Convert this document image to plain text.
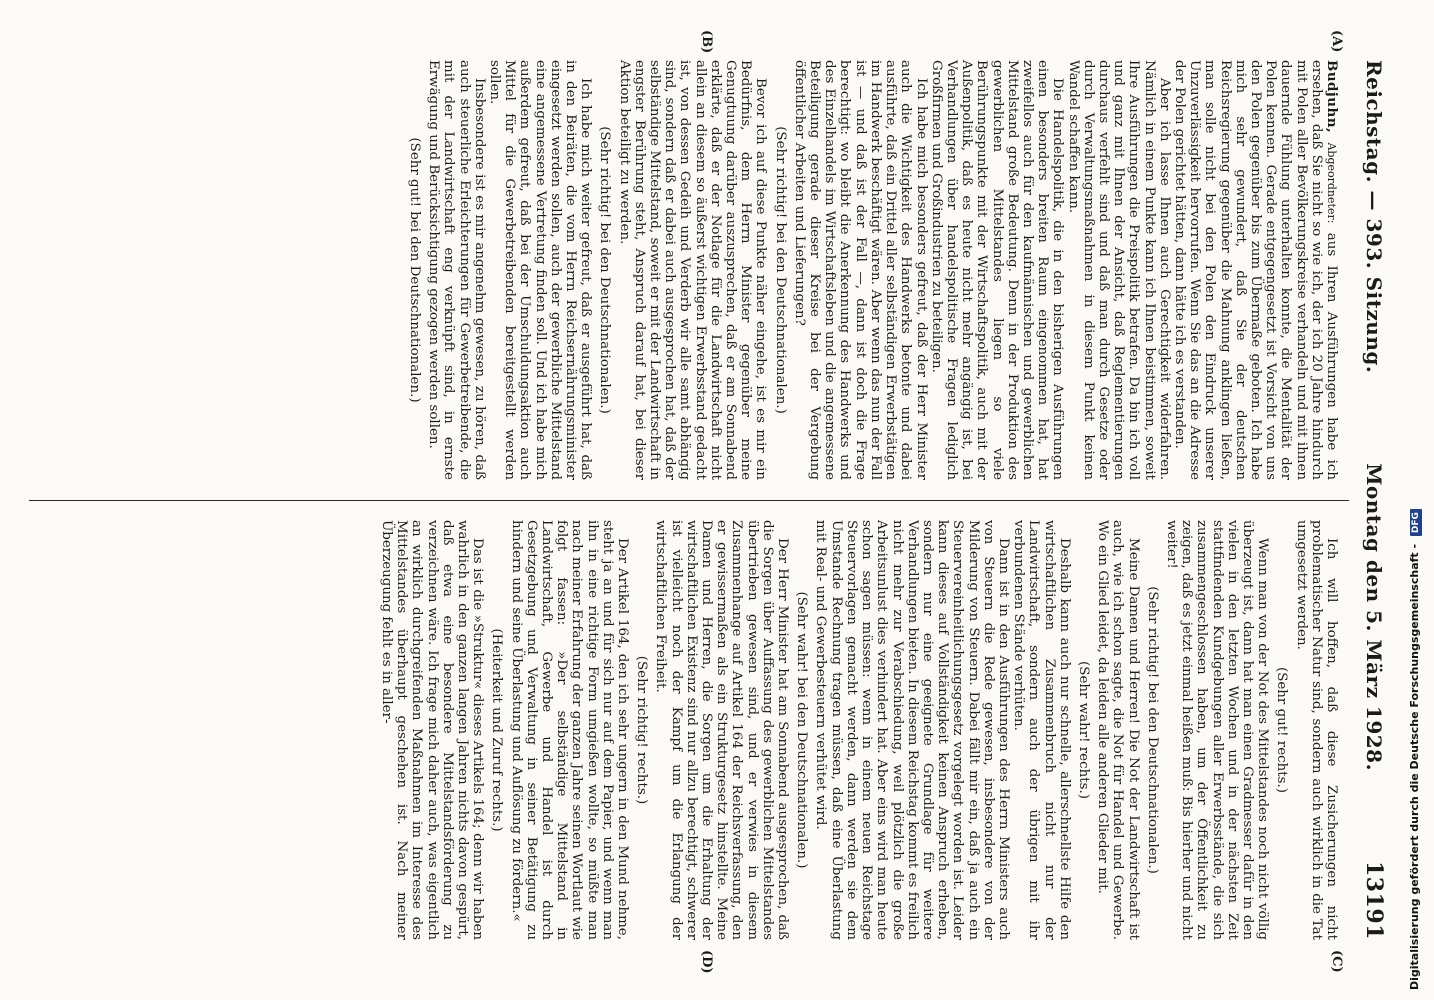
Reichstag. — 393. Sitzung.
Montag den 5. März 1928.
13191
(A)
(B)
(C)
(D)

Budjuhn, Abgeordneter: aus Ihren Ausführungen habe ich ersehen, daß Sie nicht so wie ich, der ich 20 Jahre hindurch mit Polen aller Bevölkerungskreise verhandeln und mit ihnen dauernde Fühlung unterhalten konnte, die Mentalität der Polen kennen. Gerade entgegengesetzt ist Vorsicht von uns den Polen gegenüber bis zum Übermaße geboten. Ich habe mich sehr gewundert, daß Sie der deutschen Reichsregierung gegenüber die Mahnung anklingen ließen, man solle nicht bei den Polen den Eindruck unserer Unzuverlässigkeit hervorrufen. Wenn Sie das an die Adresse der Polen gerichtet hätten, dann hätte ich es verstanden.

Aber ich lasse Ihnen auch Gerechtigkeit widerfahren. Nämlich in einem Punkte kann ich Ihnen beistimmen, soweit Ihre Ausführungen die Preispolitik betrafen. Da bin ich voll und ganz mit Ihnen der Ansicht, daß Reglementierungen durchaus verfehlt sind und daß man durch Gesetze oder durch Verwaltungsmaßnahmen in diesem Punkt keinen Wandel schaffen kann.

Die Handelspolitik, die in den bisherigen Ausführungen einen besonders breiten Raum eingenommen hat, hat zweifellos auch für den kaufmännischen und gewerblichen Mittelstand große Bedeutung. Denn in der Produktion des gewerblichen Mittelstandes liegen so viele Berührungspunkte mit der Wirtschaftspolitik, auch mit der Außenpolitik, daß es heute nicht mehr angängig ist, bei Verhandlungen über handelspolitische Fragen lediglich Großfirmen und Großindustrien zu beteiligen.

Ich habe mich besonders gefreut, daß der Herr Minister auch die Wichtigkeit des Handwerks betonte und dabei ausführte, daß ein Drittel aller selbständigen Erwerbstätigen im Handwerk beschäftigt wären. Aber wenn das nun der Fall ist — und daß ist der Fall —, dann ist doch die Frage berechtigt: wo bleibt die Anerkennung des Handwerks und des Einzelhandels im Wirtschaftsleben und die angemessene Beteiligung gerade dieser Kreise bei der Vergebung öffentlicher Arbeiten und Lieferungen?

(Sehr richtig! bei den Deutschnationalen.)

Bevor ich auf diese Punkte näher eingehe, ist es mir ein Bedürfnis, dem Herrn Minister gegenüber meine Genugtuung darüber auszusprechen, daß er am Sonnabend erklärte, daß er der Notlage für die Landwirtschaft nicht allein an diesem so äußerst wichtigen Erwerbsstand gedacht ist, von dessen Gedeih und Verderb wir alle samt abhängig sind, sondern daß er dabei auch ausgesprochen hat, daß der selbständige Mittelstand, soweit er mit der Landwirtschaft in engster Berührung steht, Anspruch darauf hat, bei dieser Aktion beteiligt zu werden.

(Sehr richtig! bei den Deutschnationalen.)

Ich habe mich weiter gefreut, daß er ausgeführt hat, daß in den Beiräten, die vom Herrn Reichsernährungsminister eingesetzt werden sollen, auch der gewerbliche Mittelstand eine angemessene Vertretung finden soll. Und ich habe mich außerdem gefreut, daß bei der Umschuldungsaktion auch Mittel für die Gewerbetreibenden bereitgestellt werden sollen.

Insbesondere ist es mir angenehm gewesen, zu hören, daß auch steuerliche Erleichterungen für Gewerbetreibende, die mit der Landwirtschaft eng verknüpft sind, in ernste Erwägung und Berücksichtigung gezogen werden sollen.

(Sehr gut! bei den Deutschnationalen.)

Ich will hoffen, daß diese Zusicherungen nicht problematischer Natur sind, sondern auch wirklich in die Tat umgesetzt werden.

(Sehr gut! rechts.)

Wenn man von der Not des Mittelstandes noch nicht völlig überzeugt ist, dann hat man einen Gradmesser dafür in den vielen in den letzten Wochen und in der nächsten Zeit stattfindenden Kundgebungen aller Erwerbsstände, die sich zusammengeschlossen haben, um der Öffentlichkeit zu zeigen, daß es jetzt einmal heißen muß: Bis hierher und nicht weiter!

(Sehr richtig! bei den Deutschnationalen.)

Meine Damen und Herren! Die Not der Landwirtschaft ist auch, wie ich schon sagte, die Not für Handel und Gewerbe. Wo ein Glied leidet, da leiden alle anderen Glieder mit.

(Sehr wahr! rechts.)

Deshalb kann auch nur schnelle, allerschnellste Hilfe den wirtschaftlichen Zusammenbruch nicht nur der Landwirtschaft, sondern auch der übrigen mit ihr verbundenen Stände verhüten.

Dann ist in den Ausführungen des Herrn Ministers auch von Steuern die Rede gewesen, insbesondere von der Milderung von Steuern. Dabei fällt mir ein, daß ja auch ein Steuervereinheitlichungsgesetz vorgelegt worden ist. Leider kann dieses auf Vollständigkeit keinen Anspruch erheben, sondern nur eine geeignete Grundlage für weitere Verhandlungen bieten. In diesem Reichstag kommt es freilich nicht mehr zur Verabschiedung, weil plötzlich die große Arbeitsunlust dies verhindert hat. Aber eins wird man heute schon sagen müssen: wenn in einem neuen Reichstage Steuervorlagen gemacht werden, dann werden sie dem Umstande Rechnung tragen müssen, daß eine Überlastung mit Real- und Gewerbesteuern verhütet wird.

(Sehr wahr! bei den Deutschnationalen.)

Der Herr Minister hat am Sonnabend ausgesprochen, daß die Sorgen über Auffassung des gewerblichen Mittelstandes übertrieben gewesen sind, und er verwies in diesem Zusammenhange auf Artikel 164 der Reichsverfassung, den er gewissermaßen als ein Strukturgesetz hinstellte. Meine Damen und Herren, die Sorgen um die Erhaltung der wirtschaftlichen Existenz sind nur allzu berechtigt, schwerer ist vielleicht noch der Kampf um die Erlangung der wirtschaftlichen Freiheit.

(Sehr richtig! rechts.)

Der Artikel 164, den ich sehr ungern in den Mund nehme, steht ja an und für sich nur auf dem Papier, und wenn man ihn in eine richtige Form umgießen wollte, so müßte man nach meiner Erfahrung der ganzen Jahre seinen Wortlaut wie folgt fassen: »Der selbständige Mittelstand in Landwirtschaft, Gewerbe und Handel ist durch Gesetzgebung und Verwaltung in seiner Betätigung zu hindern und seine Überlastung und Auflösung zu fördern.«

(Heiterkeit und Zuruf rechts.)

Das ist die »Struktur« dieses Artikels 164; denn wir haben wahrlich in den ganzen langen Jahren nichts davon gespürt, daß etwa eine besondere Mittelstandsförderung zu verzeichnen wäre. Ich frage mich daher auch, was eigentlich an wirklich durchgreifenden Maßnahmen im Interesse des Mittelstandes überhaupt geschehen ist. Nach meiner Überzeugung fehlt es in aller-	Digitalisierung gefördert durch die Deutsche Forschungsgemeinschaft - DFG
